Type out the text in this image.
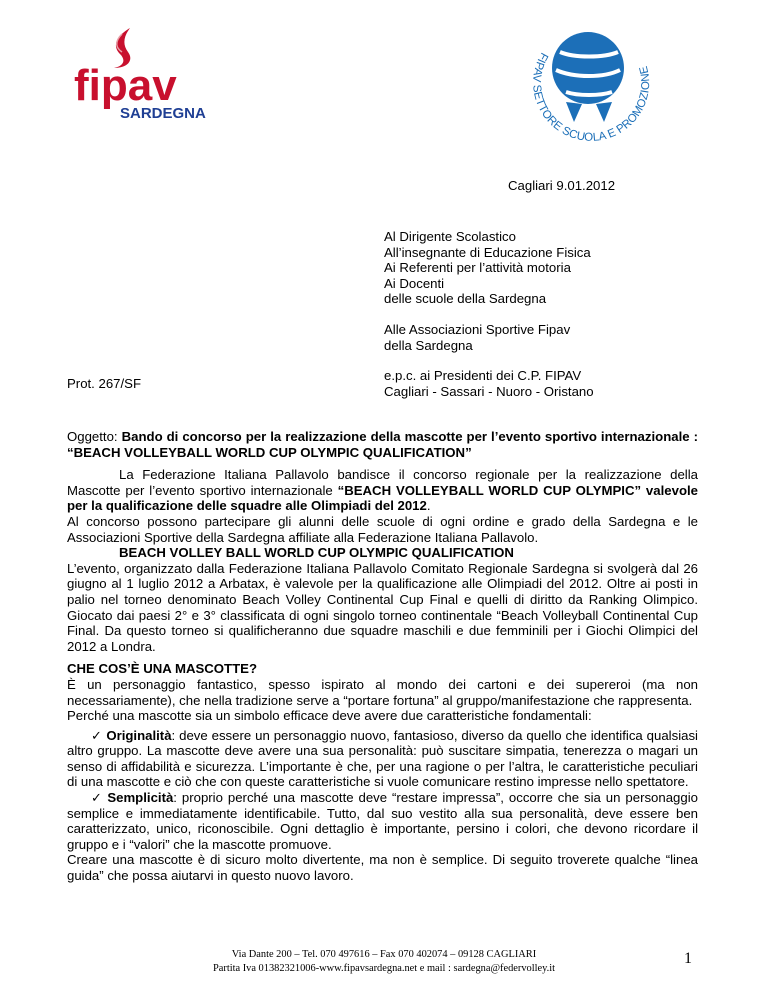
fipav
SARDEGNA
FIPAV SETTORE SCUOLA E PROMOZIONE
Cagliari 9.01.2012
Al Dirigente Scolastico
All’insegnante di Educazione Fisica
Ai Referenti per l’attività motoria
Ai Docenti
delle scuole della Sardegna
Alle Associazioni Sportive Fipav
della Sardegna
e.p.c. ai Presidenti dei C.P. FIPAV
Cagliari - Sassari - Nuoro - Oristano
Prot. 267/SF
Oggetto: Bando di concorso per la realizzazione della mascotte per l’evento sportivo internazionale : “BEACH VOLLEYBALL WORLD CUP OLYMPIC QUALIFICATION”
La Federazione Italiana Pallavolo bandisce il concorso regionale per la realizzazione della Mascotte per l’evento sportivo internazionale “BEACH VOLLEYBALL WORLD CUP OLYMPIC” valevole per la qualificazione delle squadre alle Olimpiadi del 2012.
Al concorso possono partecipare gli alunni delle scuole di ogni ordine e grado della Sardegna e le Associazioni Sportive della Sardegna affiliate alla Federazione Italiana Pallavolo.
BEACH VOLLEY BALL WORLD CUP OLYMPIC QUALIFICATION
L’evento, organizzato dalla Federazione Italiana Pallavolo Comitato Regionale Sardegna si svolgerà dal 26 giugno al 1 luglio 2012 a Arbatax, è valevole per la qualificazione alle Olimpiadi del 2012. Oltre ai posti in palio nel torneo denominato Beach Volley Continental Cup Final e quelli di diritto da Ranking Olimpico. Giocato dai paesi 2° e 3° classificata di ogni singolo torneo continentale “Beach Volleyball Continental Cup Final. Da questo torneo si qualificheranno due squadre maschili e due femminili per i Giochi Olimpici del 2012 a Londra.
CHE COS’È UNA MASCOTTE?
È un personaggio fantastico, spesso ispirato al mondo dei cartoni e dei supereroi (ma non necessariamente), che nella tradizione serve a “portare fortuna” al gruppo/manifestazione che rappresenta.
Perché una mascotte sia un simbolo efficace deve avere due caratteristiche fondamentali:
✓ Originalità: deve essere un personaggio nuovo, fantasioso, diverso da quello che identifica qualsiasi altro gruppo. La mascotte deve avere una sua personalità: può suscitare simpatia, tenerezza o magari un senso di affidabilità e sicurezza. L’importante è che, per una ragione o per l’altra, le caratteristiche peculiari di una mascotte e ciò che con queste caratteristiche si vuole comunicare restino impresse nello spettatore.
✓ Semplicità: proprio perché una mascotte deve “restare impressa”, occorre che sia un personaggio semplice e immediatamente identificabile. Tutto, dal suo vestito alla sua personalità, deve essere ben caratterizzato, unico, riconoscibile. Ogni dettaglio è importante, persino i colori, che devono ricordare il gruppo e i “valori” che la mascotte promuove.
Creare una mascotte è di sicuro molto divertente, ma non è semplice. Di seguito troverete qualche “linea guida” che possa aiutarvi in questo nuovo lavoro.
Via Dante 200 – Tel. 070 497616 – Fax 070 402074 – 09128 CAGLIARI
Partita Iva 01382321006-www.fipavsardegna.net e mail : sardegna@federvolley.it
1
